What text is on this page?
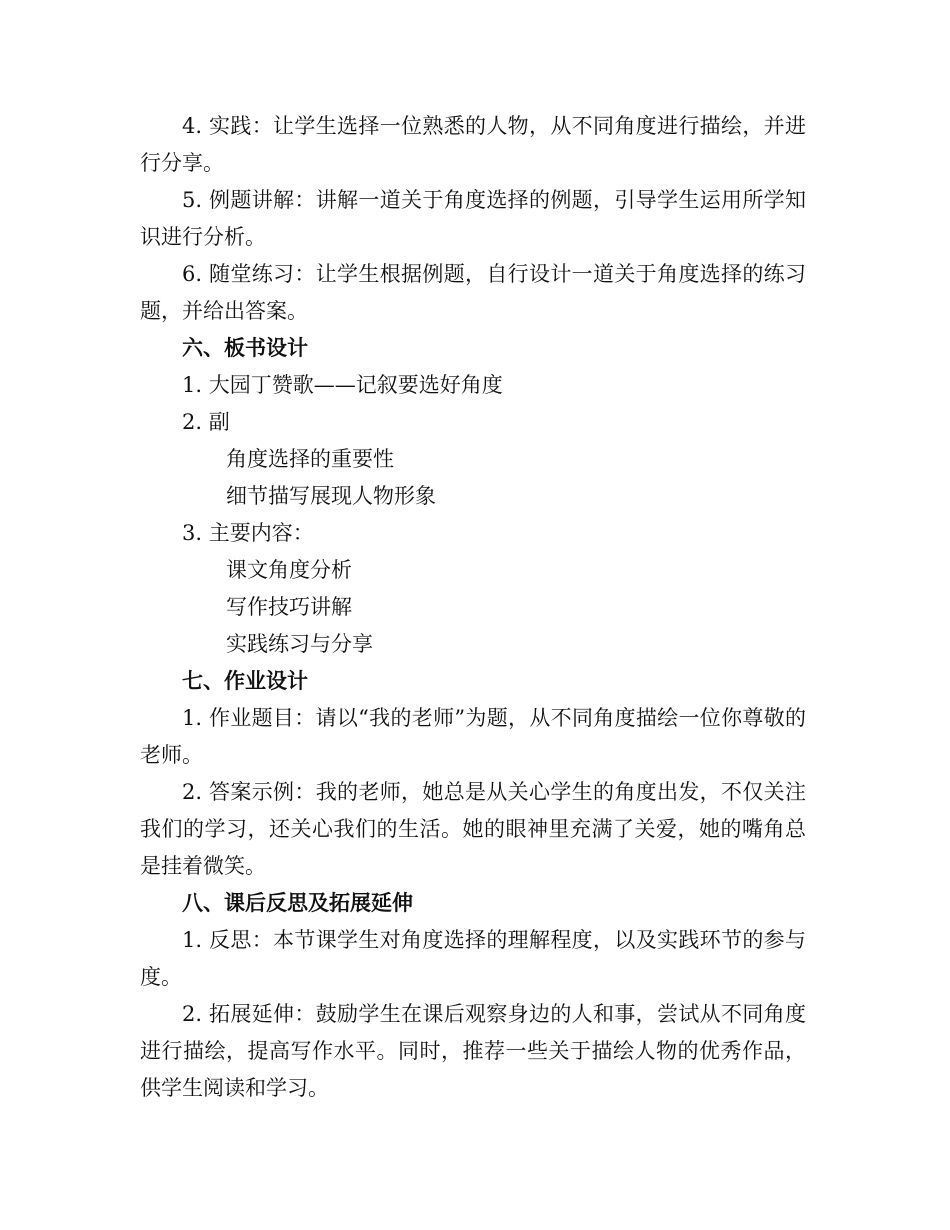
4. 实践：让学生选择一位熟悉的人物，从不同角度进行描绘，并进行分享。

5. 例题讲解：讲解一道关于角度选择的例题，引导学生运用所学知识进行分析。

6. 随堂练习：让学生根据例题，自行设计一道关于角度选择的练习题，并给出答案。

六、板书设计

1. 大园丁赞歌——记叙要选好角度

2. 副

角度选择的重要性

细节描写展现人物形象

3. 主要内容：

课文角度分析

写作技巧讲解

实践练习与分享

七、作业设计

1. 作业题目：请以“我的老师”为题，从不同角度描绘一位你尊敬的老师。

2. 答案示例：我的老师，她总是从关心学生的角度出发，不仅关注我们的学习，还关心我们的生活。她的眼神里充满了关爱，她的嘴角总是挂着微笑。

八、课后反思及拓展延伸

1. 反思：本节课学生对角度选择的理解程度，以及实践环节的参与度。

2. 拓展延伸：鼓励学生在课后观察身边的人和事，尝试从不同角度进行描绘，提高写作水平。同时，推荐一些关于描绘人物的优秀作品，供学生阅读和学习。
